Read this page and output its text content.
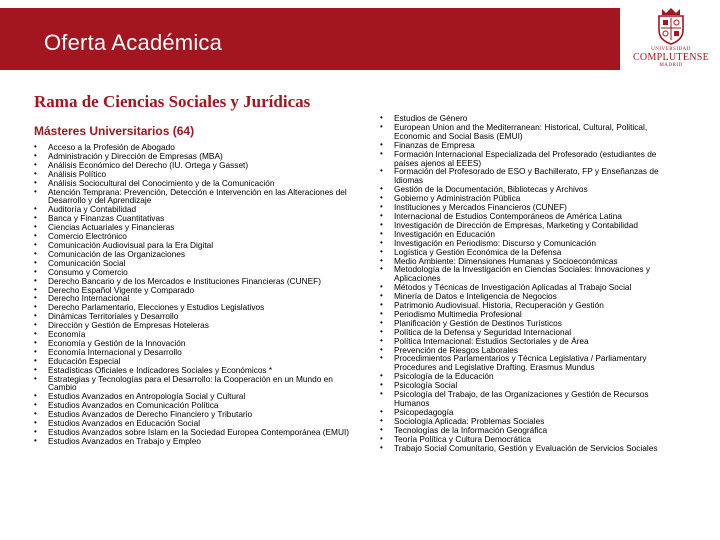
Oferta Académica	UNIVERSIDAD
COMPLUTENSE
MADRID
Rama de Ciencias Sociales y Jurídicas
Másteres Universitarios (64)
• Acceso a la Profesión de Abogado
• Administración y Dirección de Empresas (MBA)
• Análisis Económico del Derecho (IU. Ortega y Gasset)
• Análisis Político
• Análisis Sociocultural del Conocimiento y de la Comunicación
• Atención Temprana: Prevención, Detección e Intervención en las Alteraciones del Desarrollo y del Aprendizaje
• Auditoría y Contabilidad
• Banca y Finanzas Cuantitativas
• Ciencias Actuariales y Financieras
• Comercio Electrónico
• Comunicación Audiovisual para la Era Digital
• Comunicación de las Organizaciones
• Comunicación Social
• Consumo y Comercio
• Derecho Bancario y de los Mercados e Instituciones Financieras (CUNEF)
• Derecho Español Vigente y Comparado
• Derecho Internacional
• Derecho Parlamentario, Elecciones y Estudios Legislativos
• Dinámicas Territoriales y Desarrollo
• Dirección y Gestión de Empresas Hoteleras
• Economía
• Economía y Gestión de la Innovación
• Economía Internacional y Desarrollo
• Educación Especial
• Estadísticas Oficiales e Indicadores Sociales y Económicos *
• Estrategias y Tecnologías para el Desarrollo: la Cooperación en un Mundo en Cambio
• Estudios Avanzados en Antropología Social y Cultural
• Estudios Avanzados en Comunicación Política
• Estudios Avanzados de Derecho Financiero y Tributario
• Estudios Avanzados en Educación Social
• Estudios Avanzados sobre Islam en la Sociedad Europea Contemporánea (EMUI)
• Estudios Avanzados en Trabajo y Empleo
• Estudios de Género
• European Union and the Mediterranean: Historical, Cultural, Political, Economic and Social Basis (EMUI)
• Finanzas de Empresa
• Formación Internacional Especializada del Profesorado (estudiantes de países ajenos al EEES)
• Formación del Profesorado de ESO y Bachillerato, FP y Enseñanzas de Idiomas
• Gestión de la Documentación, Bibliotecas y Archivos
• Gobierno y Administración Pública
• Instituciones y Mercados Financieros (CUNEF)
• Internacional de Estudios Contemporáneos de América Latina
• Investigación de Dirección de Empresas, Marketing y Contabilidad
• Investigación en Educación
• Investigación en Periodismo: Discurso y Comunicación
• Logística y Gestión Económica de la Defensa
• Medio Ambiente: Dimensiones Humanas y Socioeconómicas
• Metodología de la Investigación en Ciencias Sociales: Innovaciones y Aplicaciones
• Métodos y Técnicas de Investigación Aplicadas al Trabajo Social
• Minería de Datos e Inteligencia de Negocios
• Patrimonio Audiovisual. Historia, Recuperación y Gestión
• Periodismo Multimedia Profesional
• Planificación y Gestión de Destinos Turísticos
• Política de la Defensa y Seguridad Internacional
• Política Internacional: Estudios Sectoriales y de Área
• Prevención de Riesgos Laborales
• Procedimientos Parlamentarios y Técnica Legislativa / Parliamentary Procedures and Legislative Drafting. Erasmus Mundus
• Psicología de la Educación
• Psicología Social
• Psicología del Trabajo, de las Organizaciones y Gestión de Recursos Humanos
• Psicopedagogía
• Sociología Aplicada: Problemas Sociales
• Tecnologías de la Información Geográfica
• Teoría Política y Cultura Democrática
• Trabajo Social Comunitario, Gestión y Evaluación de Servicios Sociales
